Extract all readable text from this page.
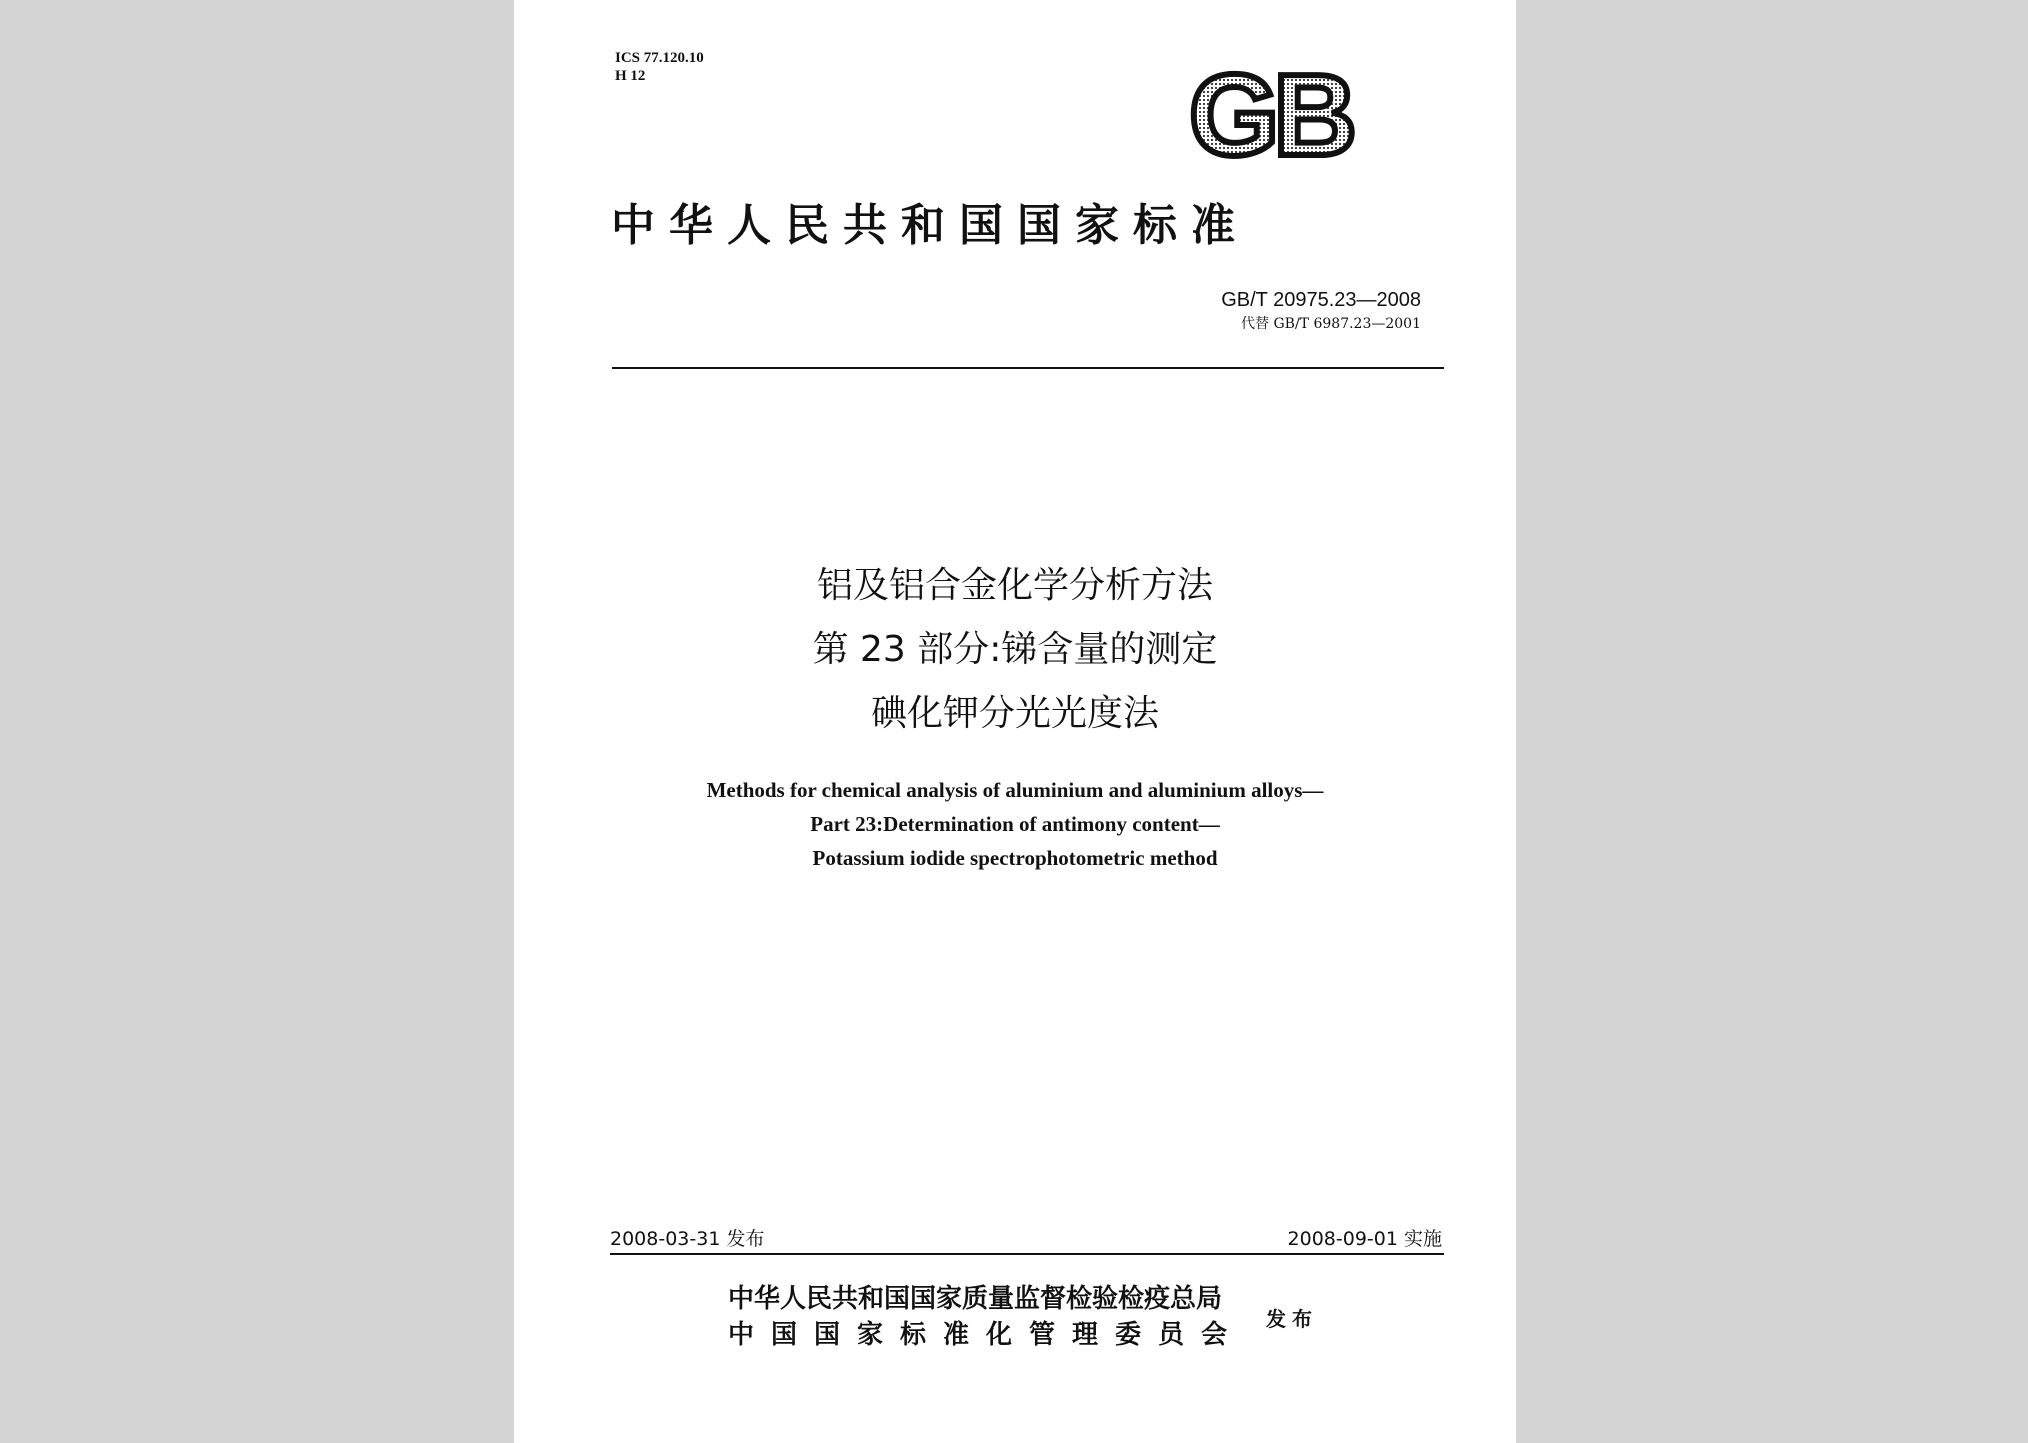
ICS 77.120.10
H 12	GB
中华人民共和国国家标准
GB/T 20975.23—2008
代替 GB/T 6987.23—2001
铝及铝合金化学分析方法
第 23 部分:锑含量的测定
碘化钾分光光度法
Methods for chemical analysis of aluminium and aluminium alloys—
Part 23:Determination of antimony content—
Potassium iodide spectrophotometric method
2008-03-31 发布	2008-09-01 实施
中华人民共和国国家质量监督检验检疫总局
中国国家标准化管理委员会
发布
